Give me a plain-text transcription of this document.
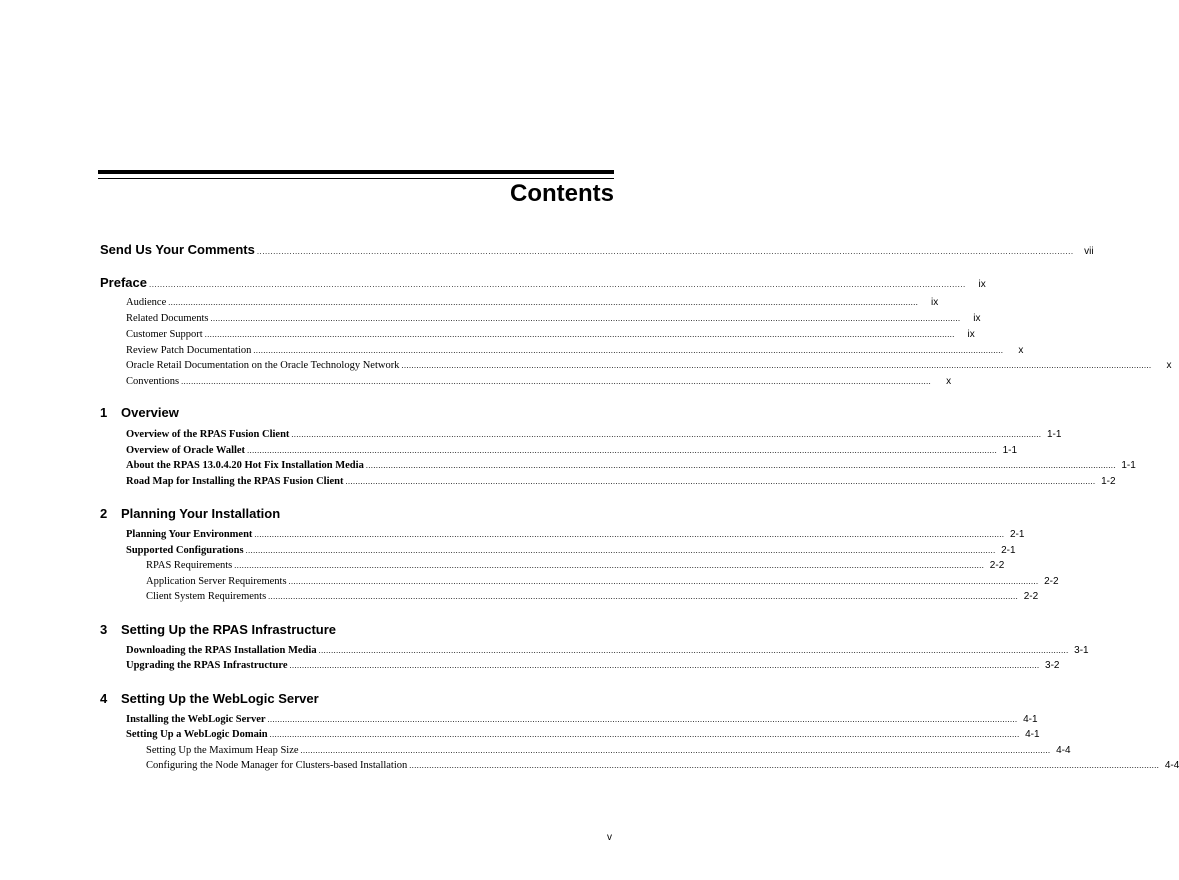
Contents
Send Us Your Comments ............................................................................................................................................................................................................................................................................................................	vii
Preface ............................................................................................................................................................................................................................................................................................................	ix
Audience ............................................................................................................................................................................................................................................................................................................	ix
Related Documents ............................................................................................................................................................................................................................................................................................................	ix
Customer Support ............................................................................................................................................................................................................................................................................................................	ix
Review Patch Documentation ............................................................................................................................................................................................................................................................................................................	x
Oracle Retail Documentation on the Oracle Technology Network ............................................................................................................................................................................................................................................................................................................	x
Conventions ............................................................................................................................................................................................................................................................................................................	x
1 Overview
Overview of the RPAS Fusion Client ............................................................................................................................................................................................................................................................................................................ 1-1
Overview of Oracle Wallet ............................................................................................................................................................................................................................................................................................................ 1-1
About the RPAS 13.0.4.20 Hot Fix Installation Media ............................................................................................................................................................................................................................................................................................................ 1-1
Road Map for Installing the RPAS Fusion Client ............................................................................................................................................................................................................................................................................................................ 1-2
2 Planning Your Installation
Planning Your Environment ............................................................................................................................................................................................................................................................................................................ 2-1
Supported Configurations ............................................................................................................................................................................................................................................................................................................ 2-1
RPAS Requirements ............................................................................................................................................................................................................................................................................................................ 2-2
Application Server Requirements ............................................................................................................................................................................................................................................................................................................ 2-2
Client System Requirements ............................................................................................................................................................................................................................................................................................................ 2-2
3 Setting Up the RPAS Infrastructure
Downloading the RPAS Installation Media ............................................................................................................................................................................................................................................................................................................ 3-1
Upgrading the RPAS Infrastructure ............................................................................................................................................................................................................................................................................................................ 3-2
4 Setting Up the WebLogic Server
Installing the WebLogic Server ............................................................................................................................................................................................................................................................................................................ 4-1
Setting Up a WebLogic Domain ............................................................................................................................................................................................................................................................................................................ 4-1
Setting Up the Maximum Heap Size ............................................................................................................................................................................................................................................................................................................ 4-4
Configuring the Node Manager for Clusters-based Installation ............................................................................................................................................................................................................................................................................................................ 4-4
v
